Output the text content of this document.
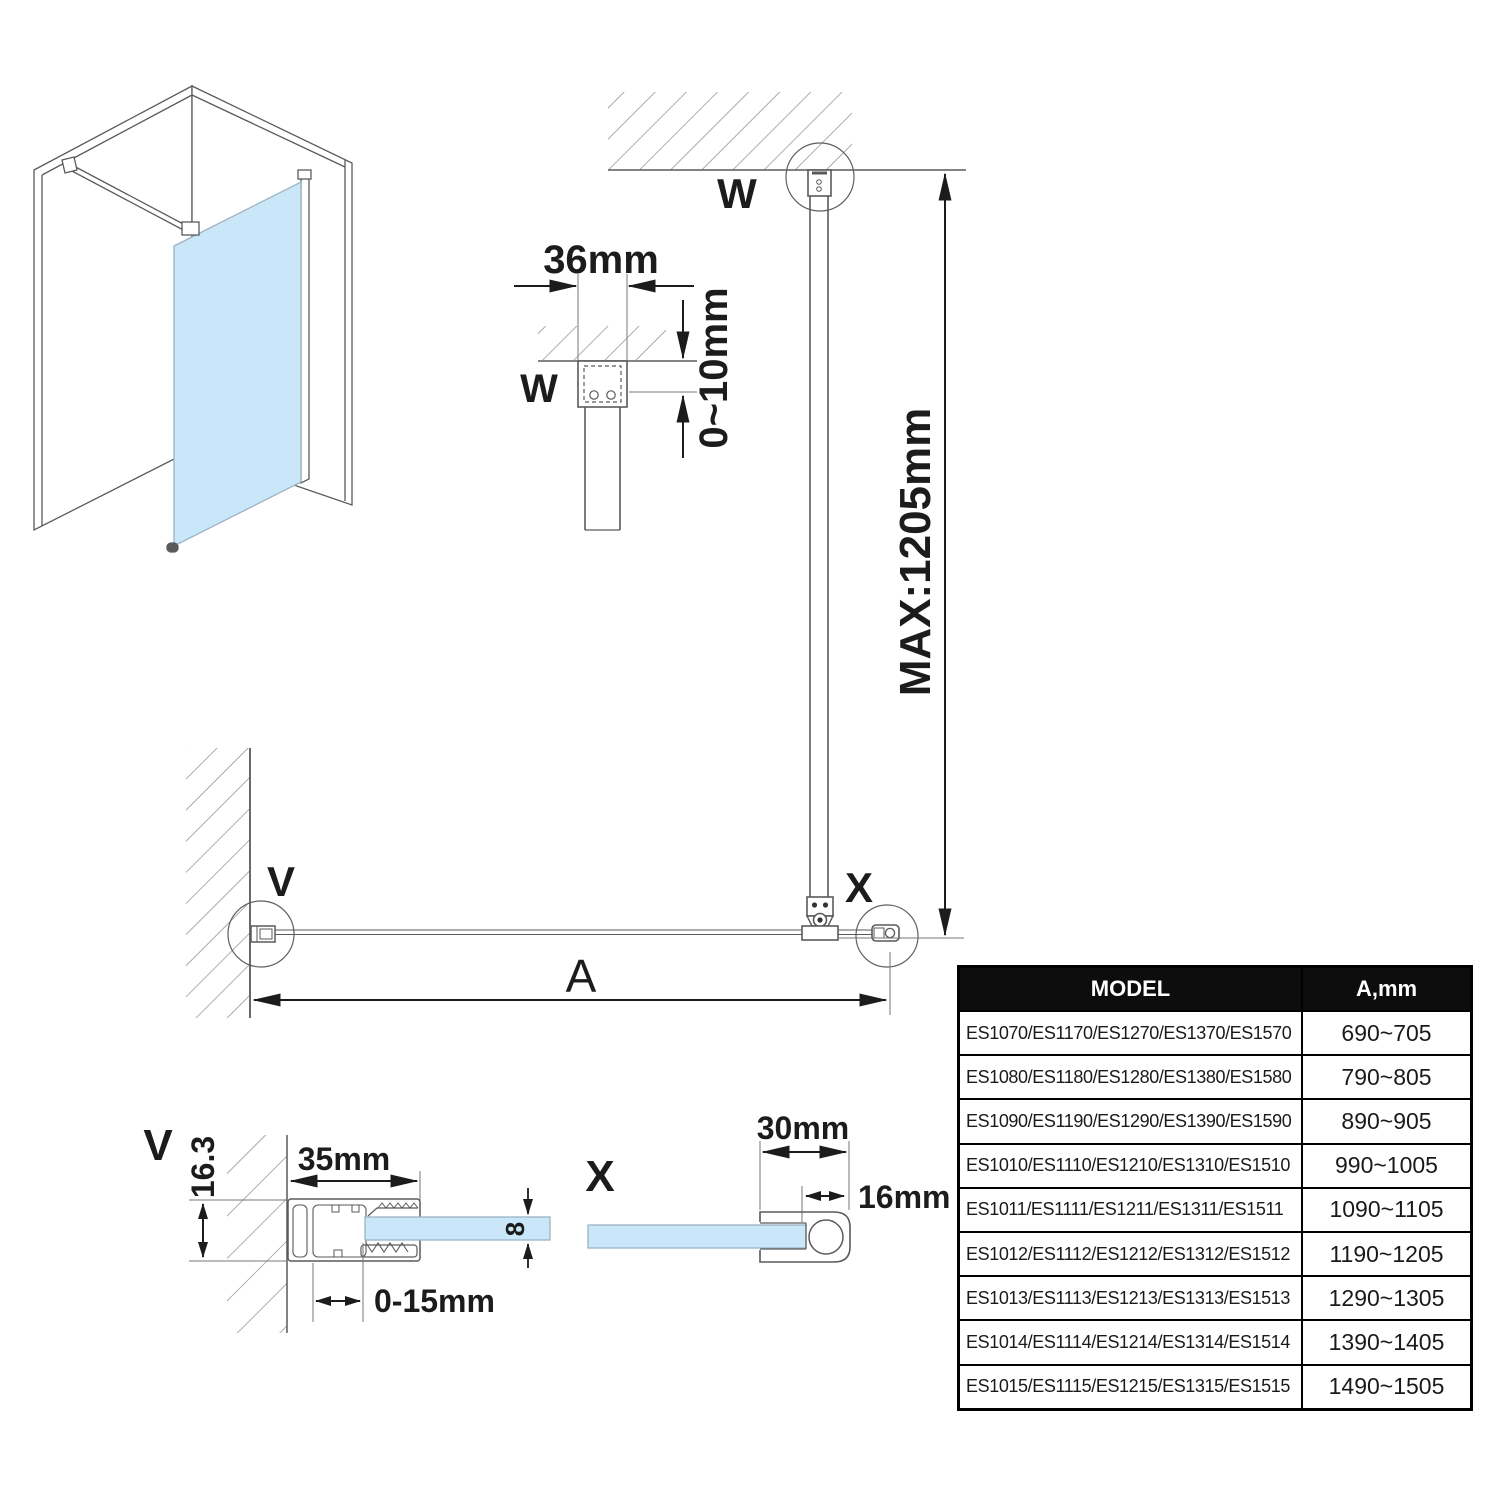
W
V	X
MAX:1205mm
A
36mm
W	0~10mm
V 16.3 35mm
8
0-15mm
X
30mm
16mm
MODEL	A,mm
ES1070/ES1170/ES1270/ES1370/ES1570	690~705
ES1080/ES1180/ES1280/ES1380/ES1580	790~805
ES1090/ES1190/ES1290/ES1390/ES1590	890~905
ES1010/ES1110/ES1210/ES1310/ES1510	990~1005
ES1011/ES1111/ES1211/ES1311/ES1511	1090~1105
ES1012/ES1112/ES1212/ES1312/ES1512	1190~1205
ES1013/ES1113/ES1213/ES1313/ES1513	1290~1305
ES1014/ES1114/ES1214/ES1314/ES1514	1390~1405
ES1015/ES1115/ES1215/ES1315/ES1515	1490~1505
